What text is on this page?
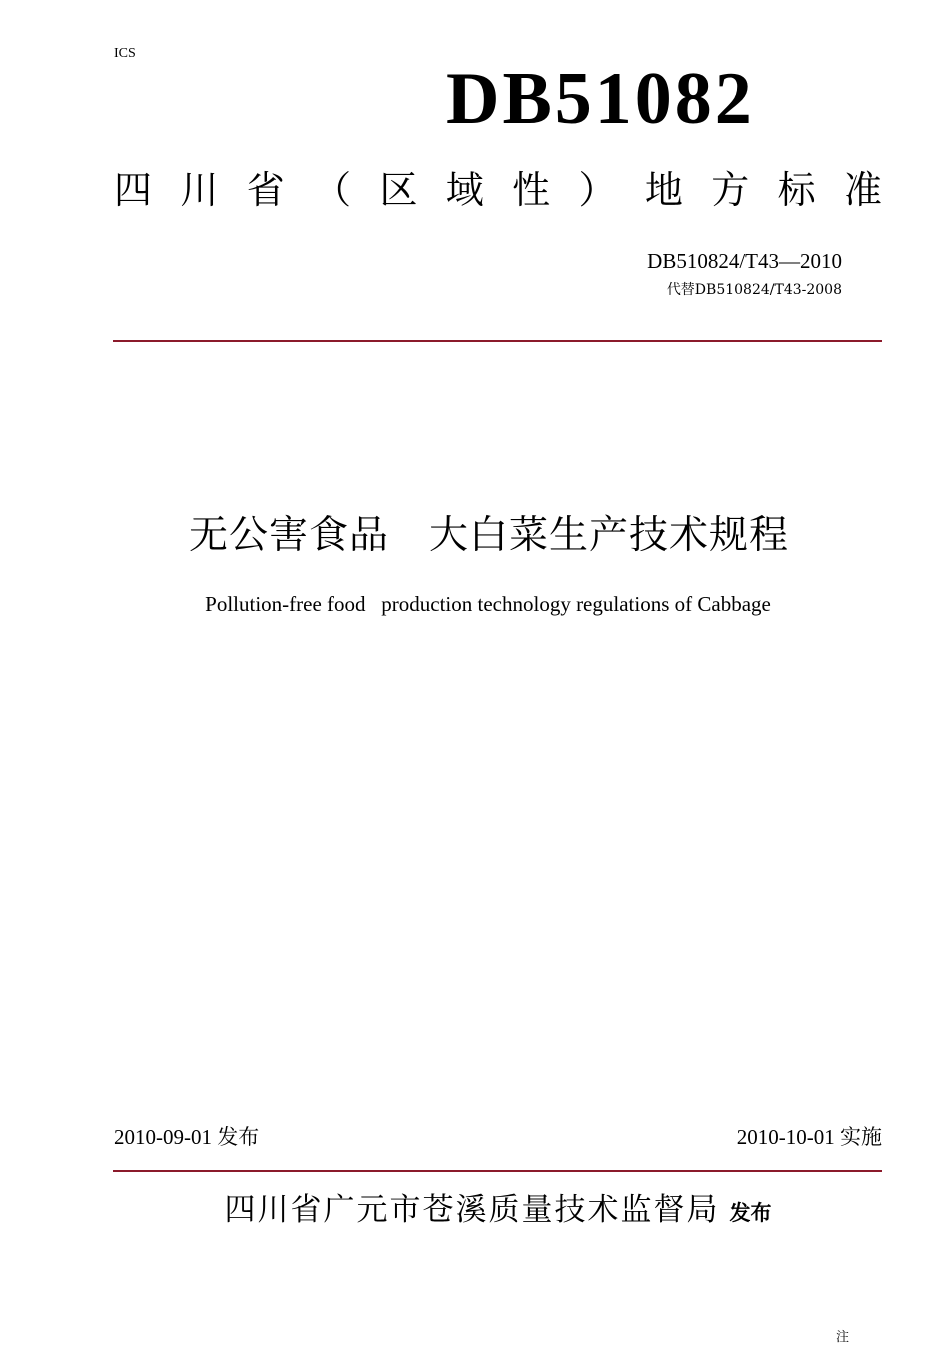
ICS
DB51082
四 川 省 （ 区 域 性 ） 地 方 标 准
DB510824/T43—2010
代替DB510824/T43-2008
无公害食品　大白菜生产技术规程
Pollution-free food   production technology regulations of Cabbage
2010-09-01 发布	2010-10-01 实施
四川省广元市苍溪质量技术监督局 发布
注
